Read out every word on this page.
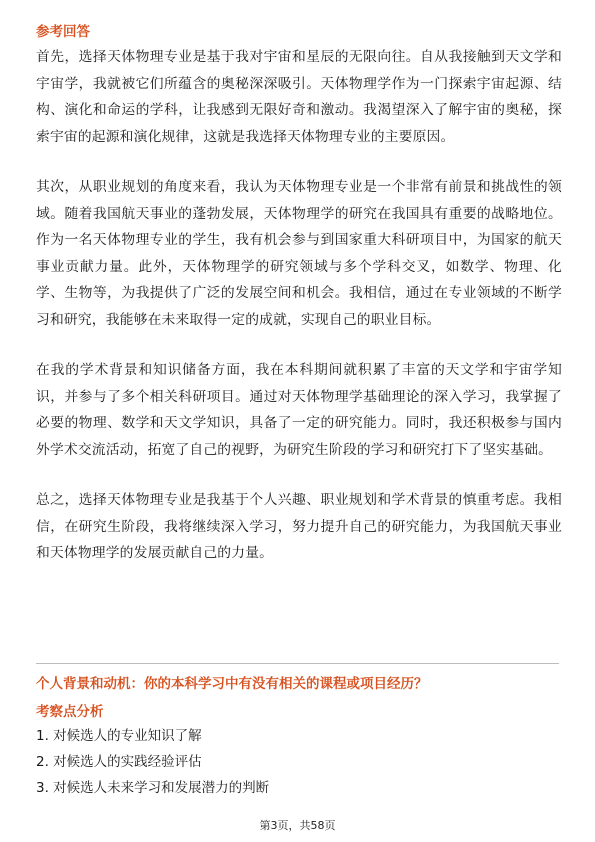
参考回答

首先，选择天体物理专业是基于我对宇宙和星辰的无限向往。自从我接触到天文学和宇宙学，我就被它们所蕴含的奥秘深深吸引。天体物理学作为一门探索宇宙起源、结构、演化和命运的学科，让我感到无限好奇和激动。我渴望深入了解宇宙的奥秘，探索宇宙的起源和演化规律，这就是我选择天体物理专业的主要原因。

其次，从职业规划的角度来看，我认为天体物理专业是一个非常有前景和挑战性的领域。随着我国航天事业的蓬勃发展，天体物理学的研究在我国具有重要的战略地位。作为一名天体物理专业的学生，我有机会参与到国家重大科研项目中，为国家的航天事业贡献力量。此外，天体物理学的研究领域与多个学科交叉，如数学、物理、化学、生物等，为我提供了广泛的发展空间和机会。我相信，通过在专业领域的不断学习和研究，我能够在未来取得一定的成就，实现自己的职业目标。

在我的学术背景和知识储备方面，我在本科期间就积累了丰富的天文学和宇宙学知识，并参与了多个相关科研项目。通过对天体物理学基础理论的深入学习，我掌握了必要的物理、数学和天文学知识，具备了一定的研究能力。同时，我还积极参与国内外学术交流活动，拓宽了自己的视野，为研究生阶段的学习和研究打下了坚实基础。

总之，选择天体物理专业是我基于个人兴趣、职业规划和学术背景的慎重考虑。我相信，在研究生阶段，我将继续深入学习，努力提升自己的研究能力，为我国航天事业和天体物理学的发展贡献自己的力量。

个人背景和动机：你的本科学习中有没有相关的课程或项目经历？

考察点分析

1. 对候选人的专业知识了解
2. 对候选人的实践经验评估
3. 对候选人未来学习和发展潜力的判断
第3页，共58页
